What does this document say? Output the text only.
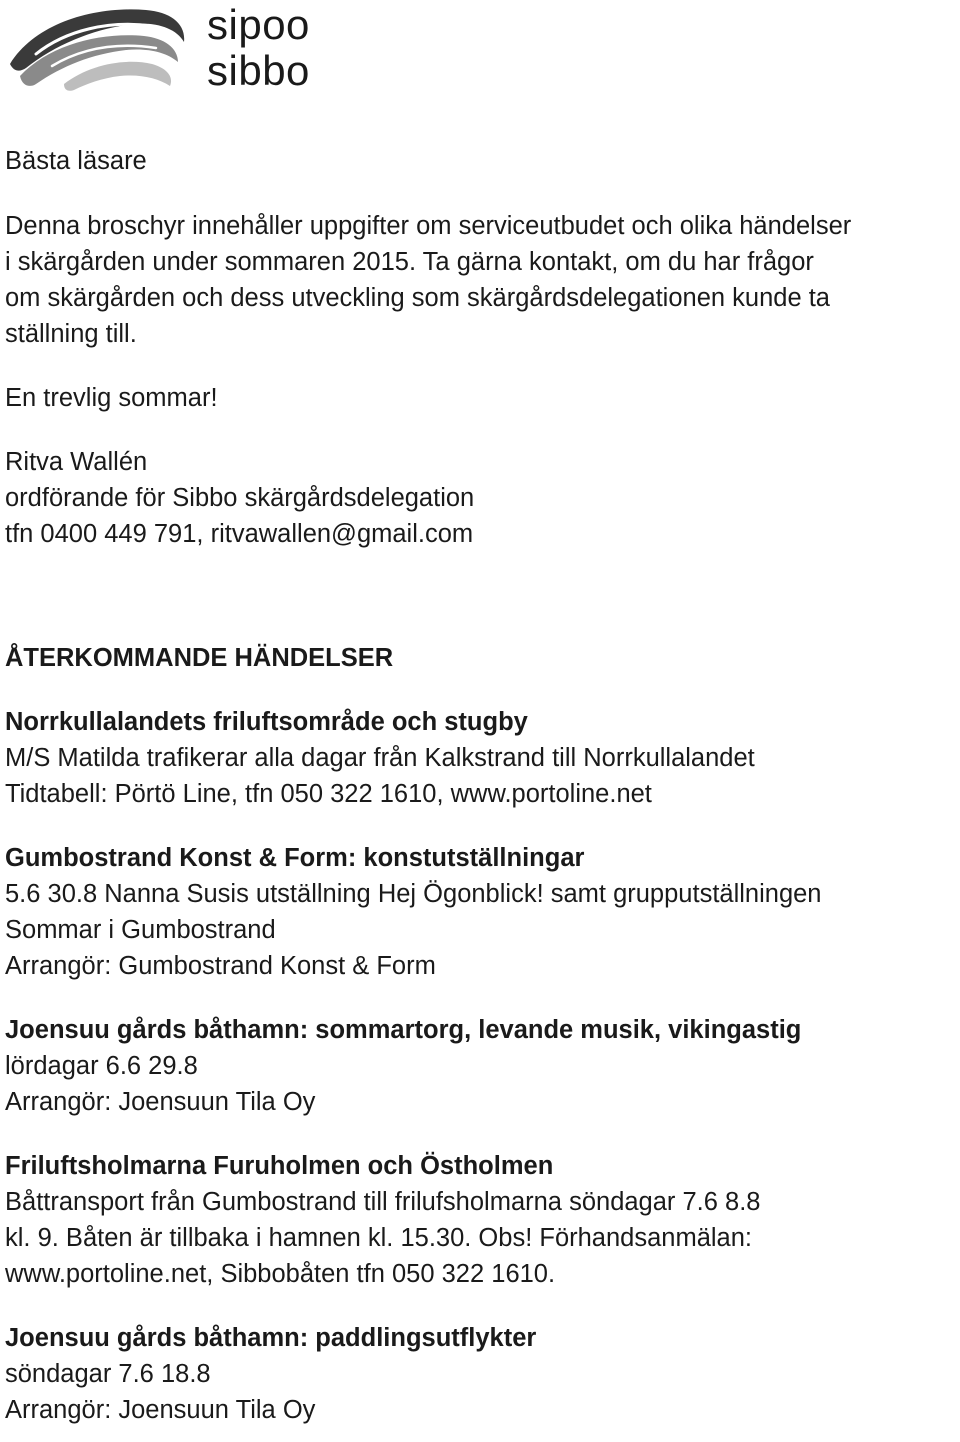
sipoo
sibbo

Bästa läsare

Denna broschyr innehåller uppgifter om serviceutbudet och olika händelser

i skärgården under sommaren 2015. Ta gärna kontakt, om du har frågor

om skärgården och dess utveckling som skärgårdsdelegationen kunde ta

ställning till.

En trevlig sommar!

Ritva Wallén

ordförande för Sibbo skärgårdsdelegation

tfn 0400 449 791, ritvawallen@gmail.com

ÅTERKOMMANDE HÄNDELSER

Norrkullalandets friluftsområde och stugby

M/S Matilda trafikerar alla dagar från Kalkstrand till Norrkullalandet

Tidtabell: Pörtö Line, tfn 050 322 1610, www.portoline.net

Gumbostrand Konst & Form: konstutställningar

5.6 30.8 Nanna Susis utställning Hej Ögonblick! samt grupputställningen

Sommar i Gumbostrand

Arrangör: Gumbostrand Konst & Form

Joensuu gårds båthamn: sommartorg, levande musik, vikingastig

lördagar 6.6 29.8

Arrangör: Joensuun Tila Oy

Friluftsholmarna Furuholmen och Östholmen

Båttransport från Gumbostrand till frilufsholmarna söndagar 7.6 8.8

kl. 9. Båten är tillbaka i hamnen kl. 15.30. Obs! Förhandsanmälan:

www.portoline.net, Sibbobåten tfn 050 322 1610.

Joensuu gårds båthamn: paddlingsutflykter

söndagar 7.6 18.8

Arrangör: Joensuun Tila Oy
